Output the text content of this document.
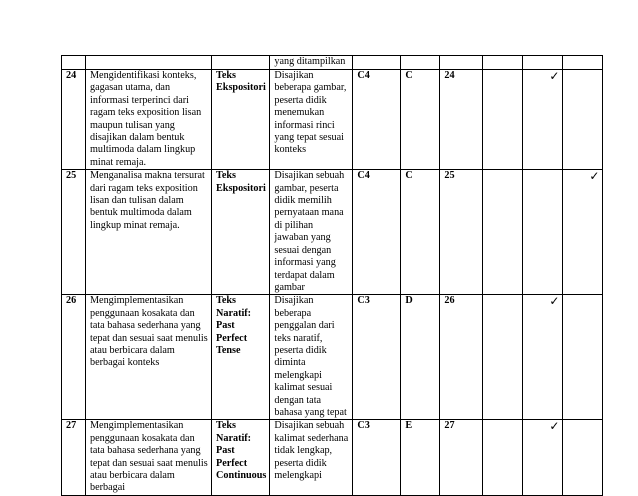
			yang ditampilkan						
24	Mengidentifikasi konteks, gagasan utama, dan informasi terperinci dari ragam teks exposition lisan maupun tulisan yang disajikan dalam bentuk multimoda dalam lingkup minat remaja.	Teks Ekspositori	Disajikan beberapa gambar, peserta didik menemukan informasi rinci yang tepat sesuai konteks	C4	C	24		✓	

25	Menganalisa makna tersurat dari ragam teks exposition lisan dan tulisan dalam bentuk multimoda dalam lingkup minat remaja.	Teks Ekspositori	Disajikan sebuah gambar, peserta didik memilih pernyataan mana di pilihan jawaban yang sesuai dengan informasi yang terdapat dalam gambar	C4	C	25			✓

26	Mengimplementasikan penggunaan kosakata dan tata bahasa sederhana yang tepat dan sesuai saat menulis atau berbicara dalam berbagai konteks	Teks Naratif: Past Perfect Tense	Disajikan beberapa penggalan dari teks naratif, peserta didik diminta melengkapi kalimat sesuai dengan tata bahasa yang tepat	C3	D	26		✓	

27	Mengimplementasikan penggunaan kosakata dan tata bahasa sederhana yang tepat dan sesuai saat menulis atau berbicara dalam berbagai	Teks Naratif: Past Perfect Continuous	Disajikan sebuah kalimat sederhana tidak lengkap, peserta didik melengkapi	C3	E	27		✓	
